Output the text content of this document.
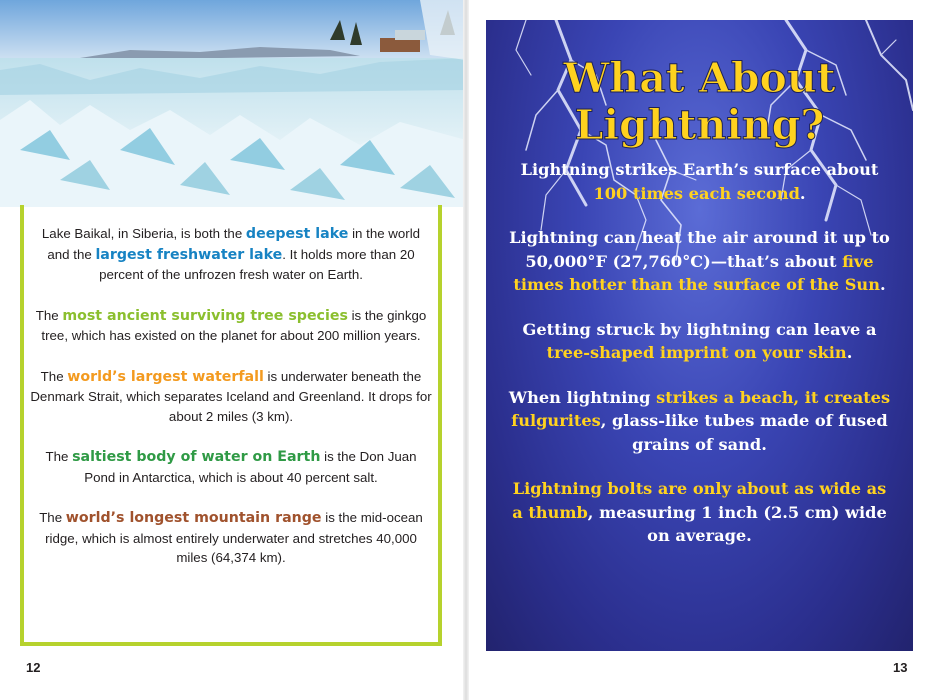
Lake Baikal, in Siberia, is both the deepest lake in the world and the largest freshwater lake. It holds more than 20 percent of the unfrozen fresh water on Earth.

The most ancient surviving tree species is the ginkgo tree, which has existed on the planet for about 200 million years.

The world’s largest waterfall is underwater beneath the Denmark Strait, which separates Iceland and Greenland. It drops for about 2 miles (3 km).

The saltiest body of water on Earth is the Don Juan Pond in Antarctica, which is about 40 percent salt.

The world’s longest mountain range is the mid-ocean ridge, which is almost entirely underwater and stretches 40,000 miles (64,374 km).

12
What About
Lightning?

Lightning strikes Earth’s surface about 100 times each second.

Lightning can heat the air around it up to 50,000°F (27,760°C)—that’s about five times hotter than the surface of the Sun.

Getting struck by lightning can leave a tree-shaped imprint on your skin.

When lightning strikes a beach, it creates fulgurites, glass-like tubes made of fused grains of sand.

Lightning bolts are only about as wide as a thumb, measuring 1 inch (2.5 cm) wide on average.

13
